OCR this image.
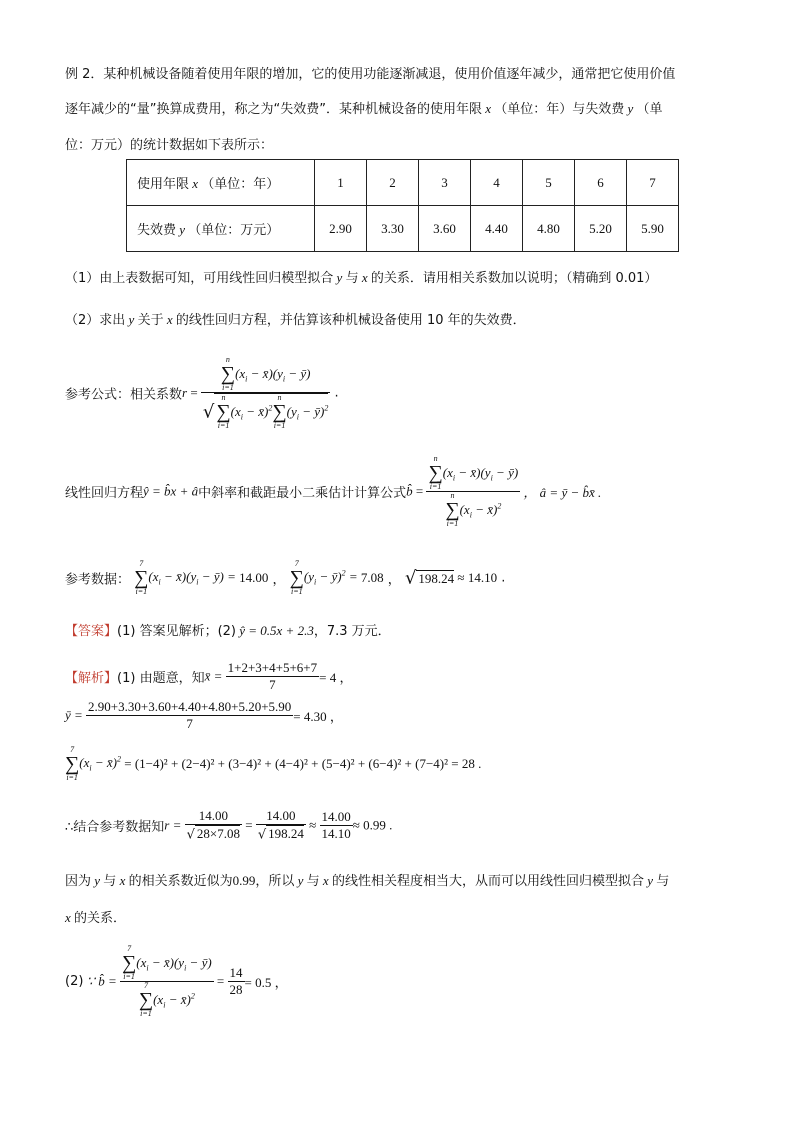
例 2．某种机械设备随着使用年限的增加，它的使用功能逐渐减退，使用价值逐年减少，通常把它使用价值
逐年减少的“量”换算成费用，称之为“失效费”．某种机械设备的使用年限 x （单位：年）与失效费 y （单
位：万元）的统计数据如下表所示：
使用年限 x （单位：年）	1	2	3	4	5	6	7
失效费 y （单位：万元）	2.90	3.30	3.60	4.40	4.80	5.20	5.90
（1）由上表数据可知，可用线性回归模型拟合 y 与 x 的关系．请用相关系数加以说明；（精确到 0.01）
（2）求出 y 关于 x 的线性回归方程，并估算该种机械设备使用 10 年的失效费．
参考公式：相关系数r = n
∑
i=1
($x_i$ − $x̄)(y_i$ − ȳ)
√
n
∑
i=1
($x_i$ − x̄)$^2$
n
∑
i=1
($y_i$ − ȳ)$^2$ .
线性回归方程ŷ = b̂x + â中斜率和截距最小二乘估计计算公式b̂ = n
∑
i=1
($x_i$ − $x̄)(y_i$ − ȳ)
n
∑
i=1
($x_i$ − x̄)$^2$ ， â = ȳ − b̂x̄ .
参考数据：
7
∑
i=1
($x_i$ − $x̄)(y_i$ − ȳ) = 14.00 ，
7
∑
i=1
($y_i$ − ȳ)$^2$ = 7.08 ， √ 198.24 ≈ 14.10 .
【答案】(1) 答案见解析；(2) ŷ = 0.5x + 2.3，7.3 万元．
【解析】(1) 由题意，知x̄ = $\frac{1+2+3+4+5+6+7}{7} = 4$ ，
ȳ = $\frac{2.90+3.30+3.60+4.40+4.80+5.20+5.90}{7} = 4.30$ ，
7
∑
i=1
($x_i$ − x̄)$^2$ = (1−4)² + (2−4)² + (3−4)² + (4−4)² + (5−4)² + (6−4)² + (7−4)² = 28 .
∴结合参考数据知$r = \frac{14.00}{√ 28\times 7.08} = \frac{14.00}{√ 198.24} \approx \frac{14.00}{14.10} \approx 0.99$ .
因为 y 与 x 的相关系数近似为0.99，所以 y 与 x 的线性相关程度相当大，从而可以用线性回归模型拟合 y 与
x 的关系．
(2) ∵ b̂ = 7
∑
i=1
($x_i$ − $x̄)(y_i$ − ȳ)
7
∑
i=1
($x_i$ − x̄)$^2$ = $\frac{14}{28} = 0.5$ ，
